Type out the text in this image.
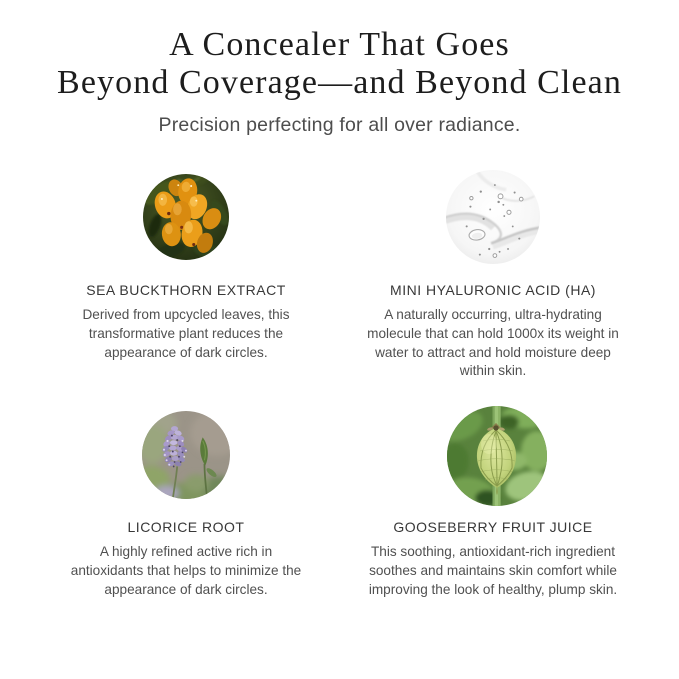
A Concealer That Goes
Beyond Coverage—and Beyond Clean
Precision perfecting for all over radiance.
SEA BUCKTHORN EXTRACT

Derived from upcycled leaves, this transformative plant reduces the appearance of dark circles.

MINI HYALURONIC ACID (HA)

A naturally occurring, ultra-hydrating molecule that can hold 1000x its weight in water to attract and hold moisture deep within skin.

LICORICE ROOT

A highly refined active rich in antioxidants that helps to minimize the appearance of dark circles.

GOOSEBERRY FRUIT JUICE

This soothing, antioxidant-rich ingredient soothes and maintains skin comfort while improving the look of healthy, plump skin.
